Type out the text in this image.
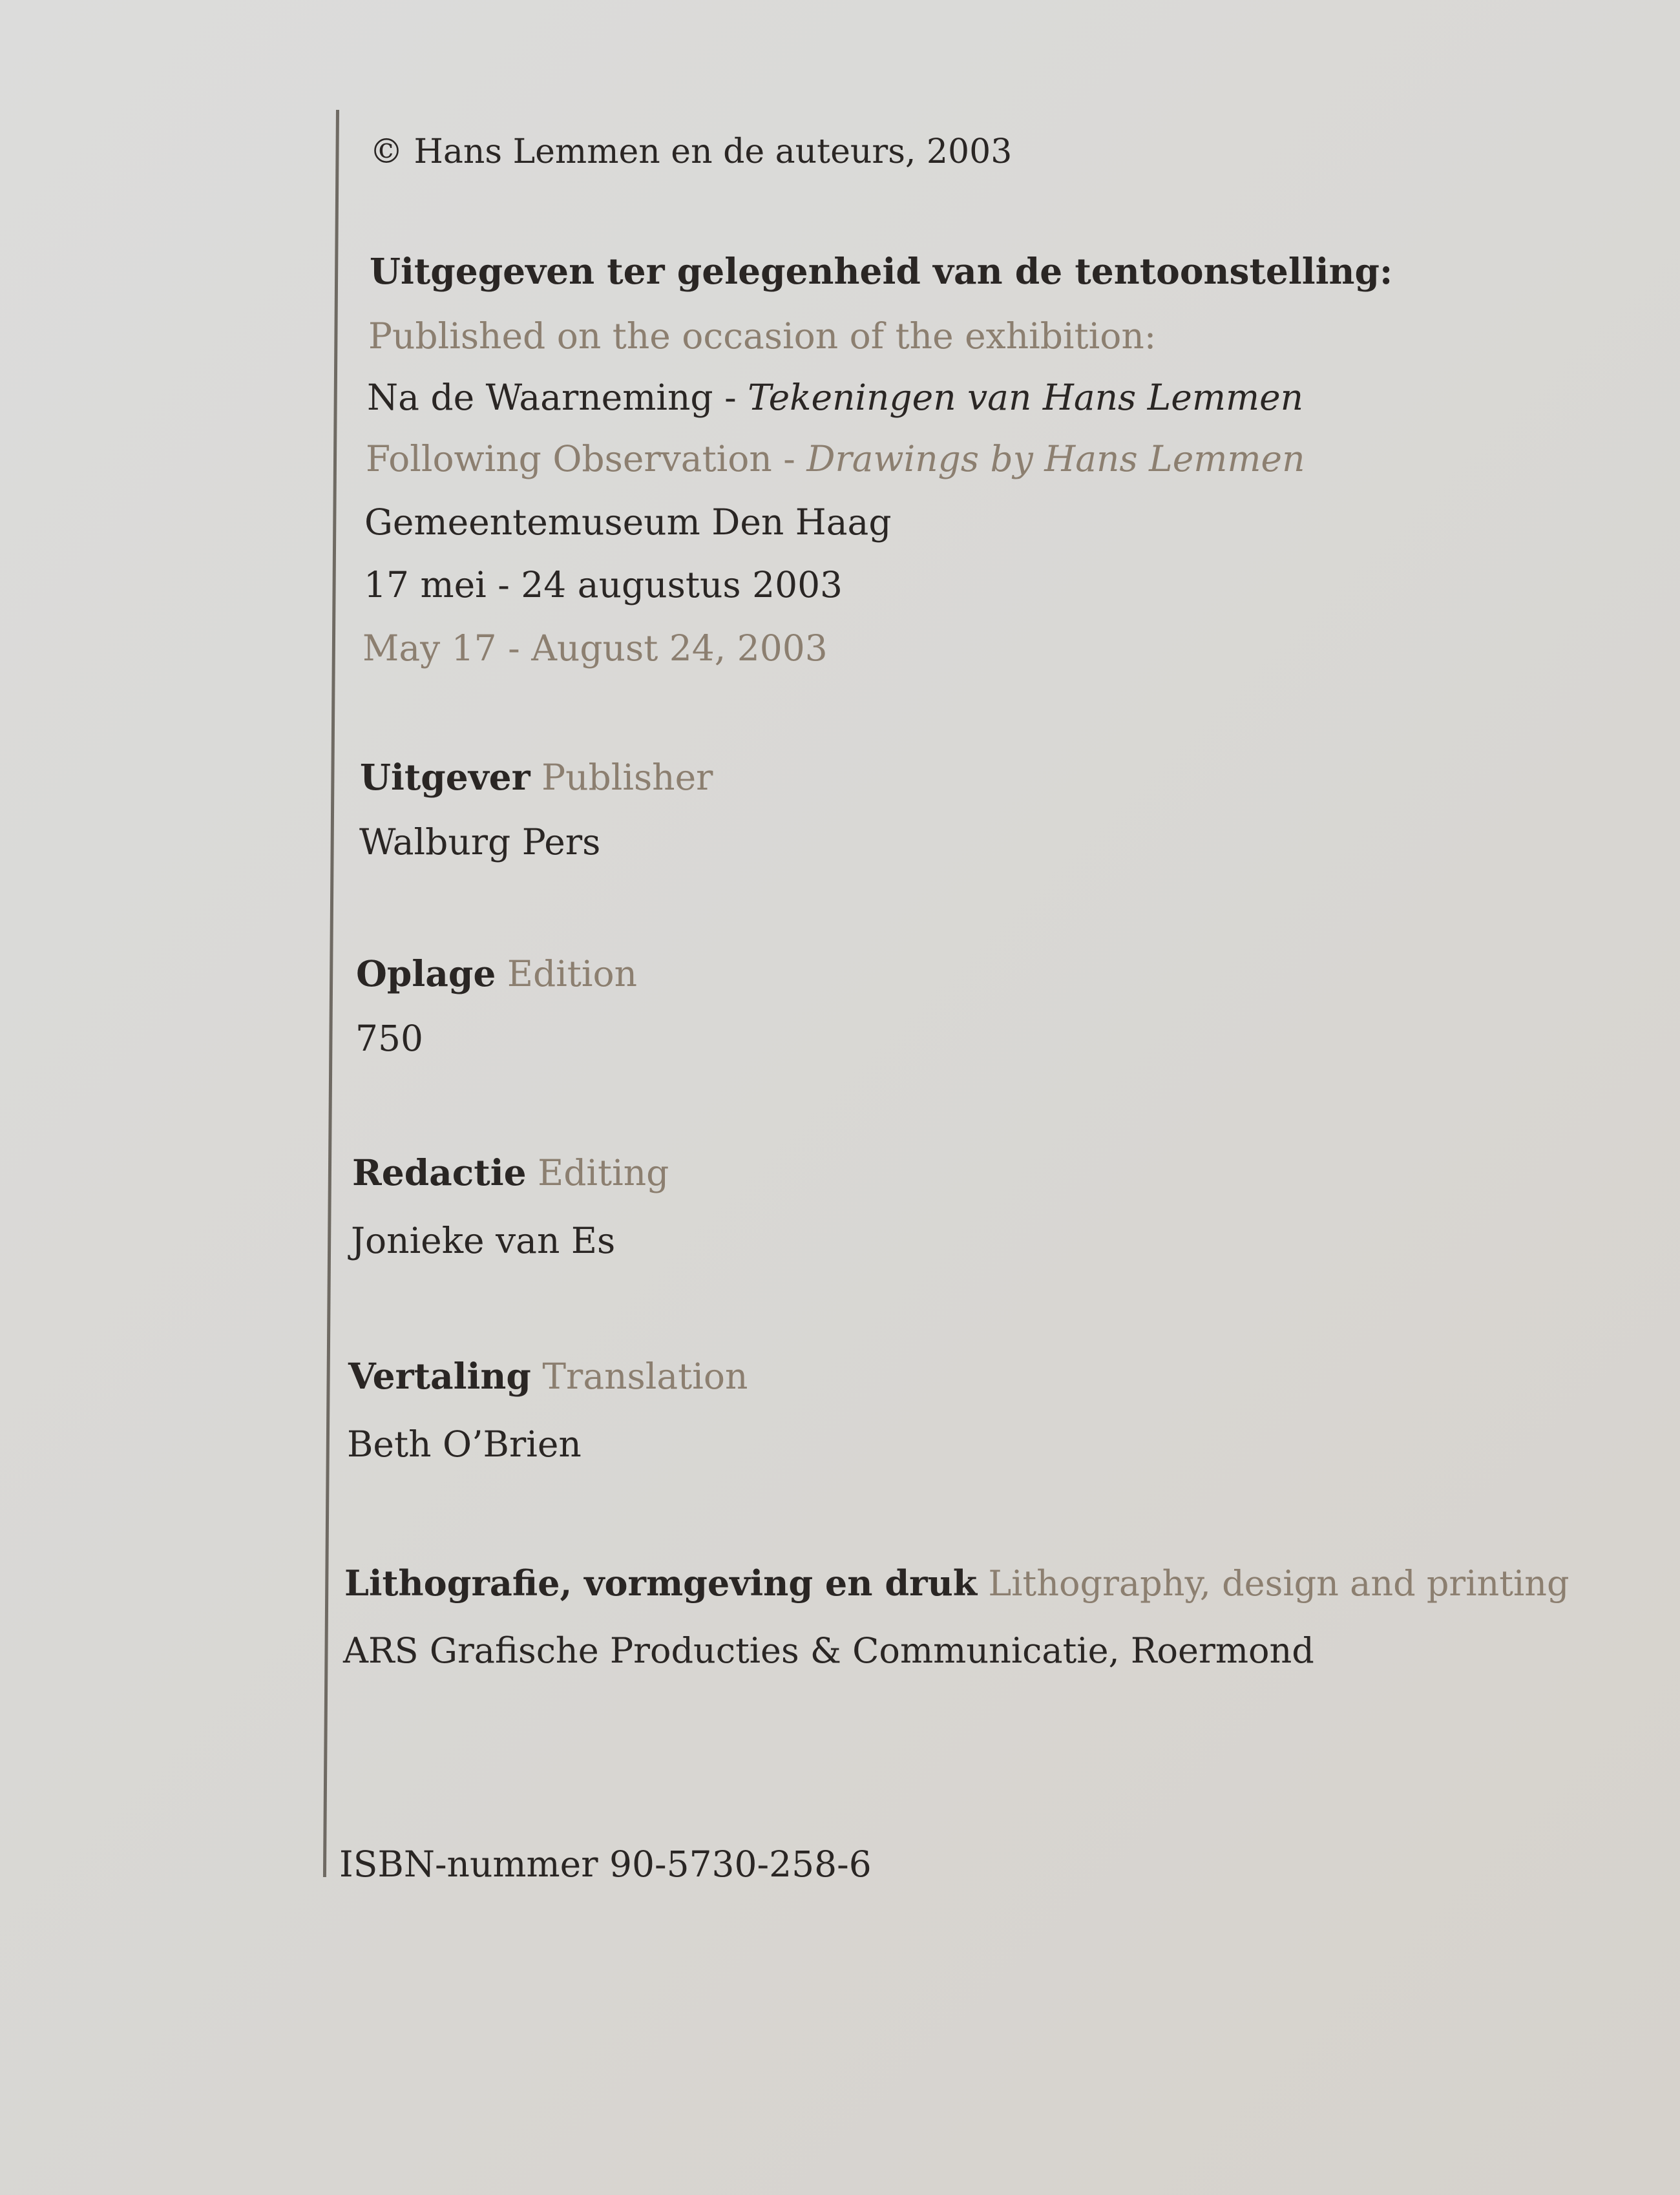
© Hans Lemmen en de auteurs, 2003
Uitgegeven ter gelegenheid van de tentoonstelling:
Published on the occasion of the exhibition:
Na de Waarneming - Tekeningen van Hans Lemmen
Following Observation - Drawings by Hans Lemmen
Gemeentemuseum Den Haag
17 mei - 24 augustus 2003
May 17 - August 24, 2003
Uitgever Publisher
Walburg Pers
Oplage Edition
750
Redactie Editing
Jonieke van Es
Vertaling Translation
Beth O’Brien
Lithografie, vormgeving en druk Lithography, design and printing
ARS Grafische Producties & Communicatie, Roermond
ISBN-nummer 90-5730-258-6
